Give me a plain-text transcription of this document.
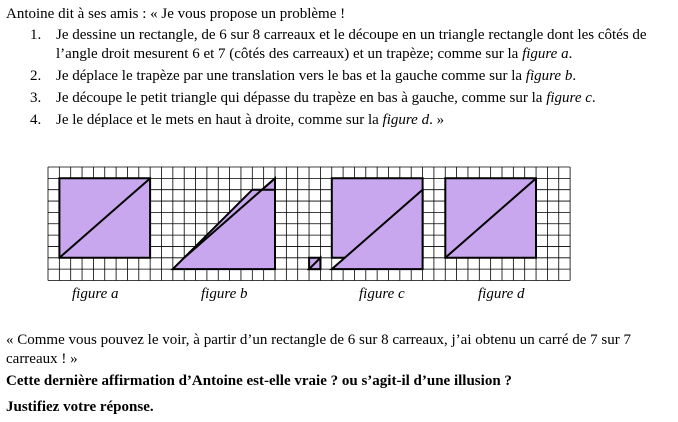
Antoine dit à ses amis : « Je vous propose un problème !
1. Je dessine un rectangle, de 6 sur 8 carreaux et le découpe en un triangle rectangle dont les côtés de l’angle droit mesurent 6 et 7 (côtés des carreaux) et un trapèze; comme sur la figure a.
2. Je déplace le trapèze par une translation vers le bas et la gauche comme sur la figure b.
3. Je découpe le petit triangle qui dépasse du trapèze en bas à gauche, comme sur la figure c.
4. Je le déplace et le mets en haut à droite, comme sur la figure d. »
figure a	figure b	figure c	figure d
« Comme vous pouvez le voir, à partir d’un rectangle de 6 sur 8 carreaux, j’ai obtenu un carré de 7 sur 7 carreaux ! »
Cette dernière affirmation d’Antoine est-elle vraie ? ou s’agit-il d’une illusion ?
Justifiez votre réponse.
